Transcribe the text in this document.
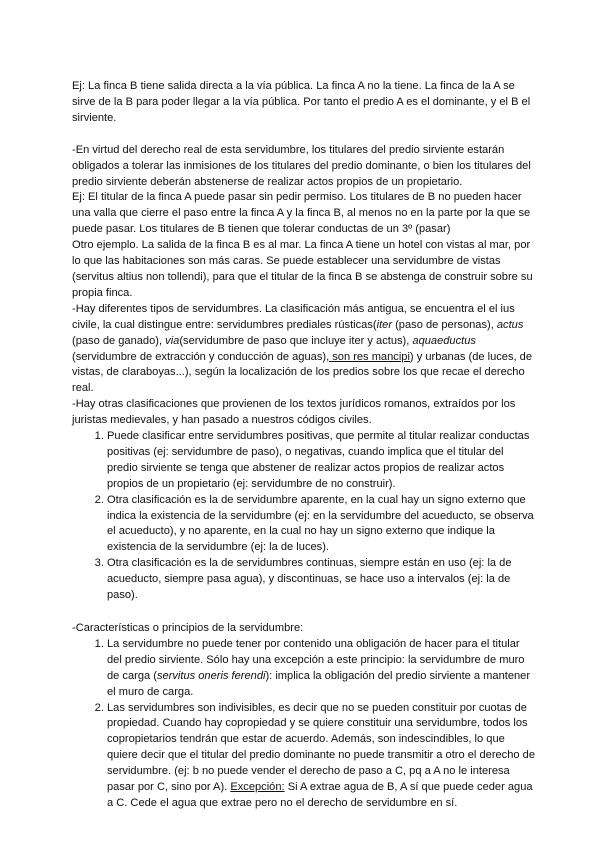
Ej: La finca B tiene salida directa a la vía pública. La finca A no la tiene. La finca de la A se sirve de la B para poder llegar a la vía pública. Por tanto el predio A es el dominante, y el B el sirviente.

-En virtud del derecho real de esta servidumbre, los titulares del predio sirviente estarán obligados a tolerar las inmisiones de los titulares del predio dominante, o bien los titulares del predio sirviente deberán abstenerse de realizar actos propios de un propietario.

Ej: El titular de la finca A puede pasar sin pedir permiso. Los titulares de B no pueden hacer una valla que cierre el paso entre la finca A y la finca B, al menos no en la parte por la que se puede pasar. Los titulares de B tienen que tolerar conductas de un 3º (pasar)

Otro ejemplo. La salida de la finca B es al mar. La finca A tiene un hotel con vistas al mar, por lo que las habitaciones son más caras. Se puede establecer una servidumbre de vistas (servitus altius non tollendi), para que el titular de la finca B se abstenga de construir sobre su propia finca.

-Hay diferentes tipos de servidumbres. La clasificación más antigua, se encuentra el el ius civile, la cual distingue entre: servidumbres prediales rústicas(iter (paso de personas), actus (paso de ganado), via(servidumbre de paso que incluye iter y actus), aquaeductus (servidumbre de extracción y conducción de aguas), son res mancipi) y urbanas (de luces, de vistas, de claraboyas...), según la localización de los predios sobre los que recae el derecho real.

-Hay otras clasificaciones que provienen de los textos jurídicos romanos, extraídos por los juristas medievales, y han pasado a nuestros códigos civiles.

1. Puede clasificar entre servidumbres positivas, que permite al titular realizar conductas positivas (ej: servidumbre de paso), o negativas, cuando implica que el titular del predio sirviente se tenga que abstener de realizar actos propios de realizar actos propios de un propietario (ej: servidumbre de no construir).
2. Otra clasificación es la de servidumbre aparente, en la cual hay un signo externo que indica la existencia de la servidumbre (ej: en la servidumbre del acueducto, se observa el acueducto), y no aparente, en la cual no hay un signo externo que indique la existencia de la servidumbre (ej: la de luces).
3. Otra clasificación es la de servidumbres continuas, siempre están en uso (ej: la de acueducto, siempre pasa agua), y discontinuas, se hace uso a intervalos (ej: la de paso).

-Características o principios de la servidumbre:

1. La servidumbre no puede tener por contenido una obligación de hacer para el titular del predio sirviente. Sólo hay una excepción a este principio: la servidumbre de muro de carga (servitus oneris ferendi): implica la obligación del predio sirviente a mantener el muro de carga.
2. Las servidumbres son indivisibles, es decir que no se pueden constituir por cuotas de propiedad. Cuando hay copropiedad y se quiere constituir una servidumbre, todos los copropietarios tendrán que estar de acuerdo. Además, son indescindibles, lo que quiere decir que el titular del predio dominante no puede transmitir a otro el derecho de servidumbre. (ej: b no puede vender el derecho de paso a C, pq a A no le interesa pasar por C, sino por A). Excepción: Si A extrae agua de B, A sí que puede ceder agua a C. Cede el agua que extrae pero no el derecho de servidumbre en sí.
